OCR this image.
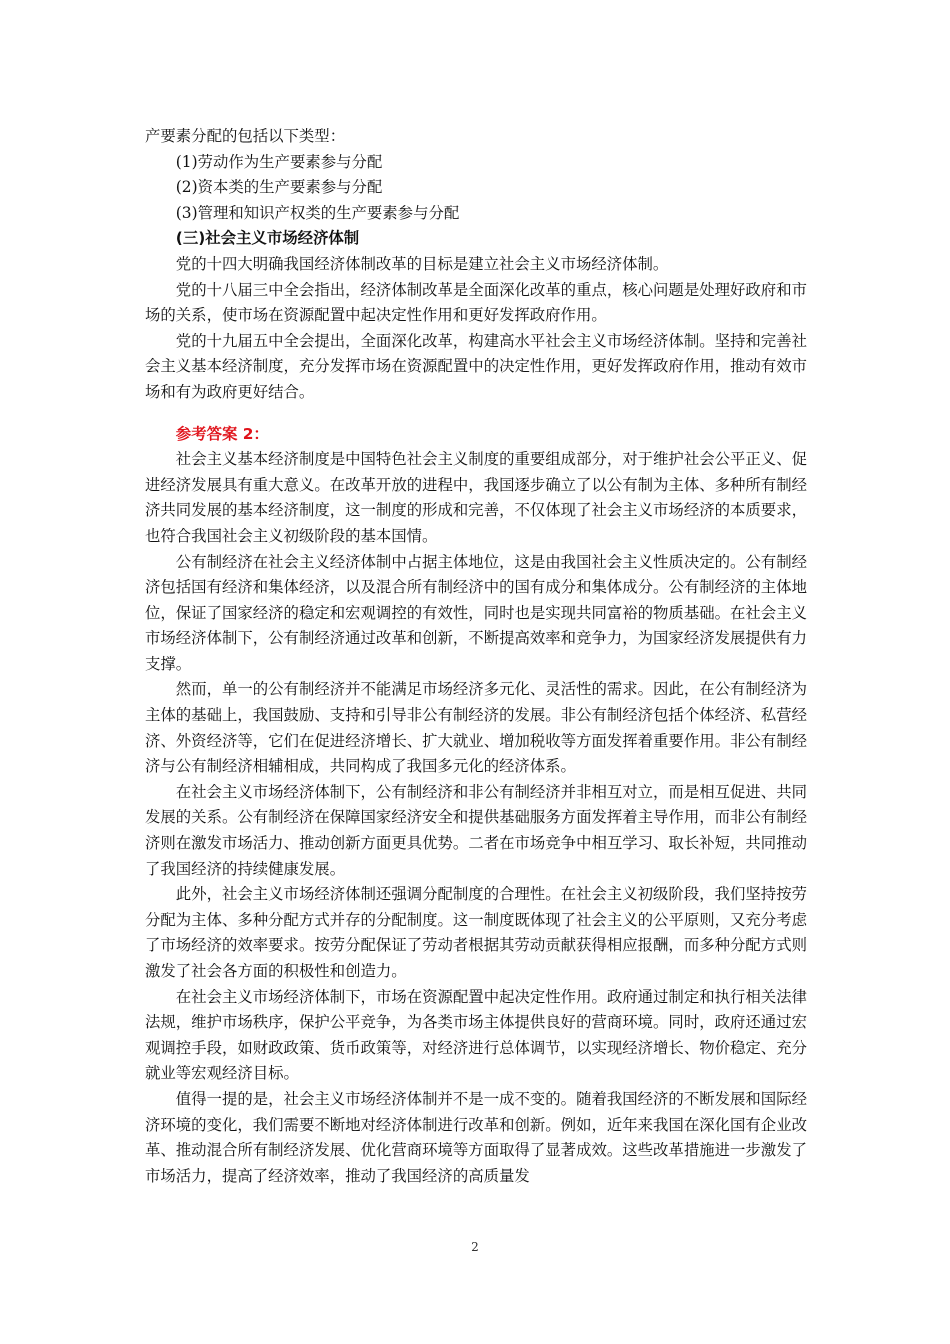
产要素分配的包括以下类型：

(1)劳动作为生产要素参与分配

(2)资本类的生产要素参与分配

(3)管理和知识产权类的生产要素参与分配

(三)社会主义市场经济体制

党的十四大明确我国经济体制改革的目标是建立社会主义市场经济体制。

党的十八届三中全会指出，经济体制改革是全面深化改革的重点，核心问题是处理好政府和市场的关系，使市场在资源配置中起决定性作用和更好发挥政府作用。

党的十九届五中全会提出，全面深化改革，构建高水平社会主义市场经济体制。坚持和完善社会主义基本经济制度，充分发挥市场在资源配置中的决定性作用，更好发挥政府作用，推动有效市场和有为政府更好结合。

参考答案 2：

社会主义基本经济制度是中国特色社会主义制度的重要组成部分，对于维护社会公平正义、促进经济发展具有重大意义。在改革开放的进程中，我国逐步确立了以公有制为主体、多种所有制经济共同发展的基本经济制度，这一制度的形成和完善，不仅体现了社会主义市场经济的本质要求，也符合我国社会主义初级阶段的基本国情。

公有制经济在社会主义经济体制中占据主体地位，这是由我国社会主义性质决定的。公有制经济包括国有经济和集体经济，以及混合所有制经济中的国有成分和集体成分。公有制经济的主体地位，保证了国家经济的稳定和宏观调控的有效性，同时也是实现共同富裕的物质基础。在社会主义市场经济体制下，公有制经济通过改革和创新，不断提高效率和竞争力，为国家经济发展提供有力支撑。

然而，单一的公有制经济并不能满足市场经济多元化、灵活性的需求。因此，在公有制经济为主体的基础上，我国鼓励、支持和引导非公有制经济的发展。非公有制经济包括个体经济、私营经济、外资经济等，它们在促进经济增长、扩大就业、增加税收等方面发挥着重要作用。非公有制经济与公有制经济相辅相成，共同构成了我国多元化的经济体系。

在社会主义市场经济体制下，公有制经济和非公有制经济并非相互对立，而是相互促进、共同发展的关系。公有制经济在保障国家经济安全和提供基础服务方面发挥着主导作用，而非公有制经济则在激发市场活力、推动创新方面更具优势。二者在市场竞争中相互学习、取长补短，共同推动了我国经济的持续健康发展。

此外，社会主义市场经济体制还强调分配制度的合理性。在社会主义初级阶段，我们坚持按劳分配为主体、多种分配方式并存的分配制度。这一制度既体现了社会主义的公平原则，又充分考虑了市场经济的效率要求。按劳分配保证了劳动者根据其劳动贡献获得相应报酬，而多种分配方式则激发了社会各方面的积极性和创造力。

在社会主义市场经济体制下，市场在资源配置中起决定性作用。政府通过制定和执行相关法律法规，维护市场秩序，保护公平竞争，为各类市场主体提供良好的营商环境。同时，政府还通过宏观调控手段，如财政政策、货币政策等，对经济进行总体调节，以实现经济增长、物价稳定、充分就业等宏观经济目标。

值得一提的是，社会主义市场经济体制并不是一成不变的。随着我国经济的不断发展和国际经济环境的变化，我们需要不断地对经济体制进行改革和创新。例如，近年来我国在深化国有企业改革、推动混合所有制经济发展、优化营商环境等方面取得了显著成效。这些改革措施进一步激发了市场活力，提高了经济效率，推动了我国经济的高质量发

2
